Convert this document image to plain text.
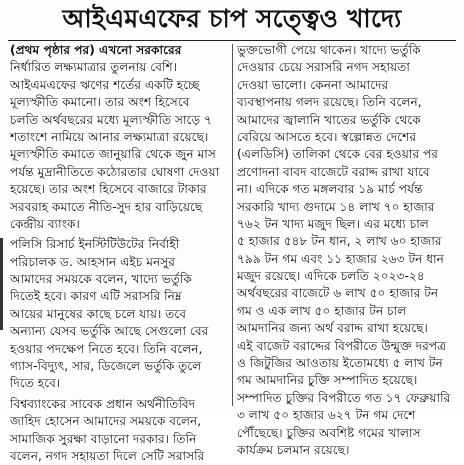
আইএমএফের চাপ সত্ত্বেও খাদ্যে

(প্রথম পৃষ্ঠার পর) এখনো সরকারের
নির্ধারিত লক্ষ্যমাত্রার তুলনায় বেশি।
আইএমএফের ঋণের শর্তের একটি হচ্ছে
মূল্যস্ফীতি কমানো। তার অংশ হিসেবে
চলতি অর্থবছরের মধ্যে মূল্যস্ফীতি সাড়ে ৭
শতাংশে নামিয়ে আনার লক্ষ্যমাত্রা রয়েছে।
মূল্যস্ফীতি কমাতে জানুয়ারি থেকে জুন মাস
পর্যন্ত মুদ্রানীতিতে কঠোরতার ঘোষণা দেওয়া
হয়েছে। তার অংশ হিসেবে বাজারে টাকার
সরবরাহ কমাতে নীতি-সুদ হার বাড়িয়েছে
কেন্দ্রীয় ব্যাংক।

পলিসি রিসার্চ ইনস্টিটিউটের নির্বাহী
পরিচালক ড. আহসান এইচ মনসুর
আমাদের সময়কে বলেন, খাদ্যে ভর্তুকি
দিতেই হবে। কারণ এটি সরাসরি নিম্ন
আয়ের মানুষের কাছে চলে যায়। তবে
অন্যান্য যেসব ভর্তুকি আছে সেগুলো বের
হওয়ার পদক্ষেপ নিতে হবে। তিনি বলেন,
গ্যাস-বিদ্যুৎ, সার, ডিজেলে ভর্তুকি তুলে
দিতে হবে।

বিশ্বব্যাংকের সাবেক প্রধান অর্থনীতিবিদ
জাহিদ হোসেন আমাদের সময়কে বলেন,
সামাজিক সুরক্ষা বাড়ানো দরকার। তিনি
বলেন, নগদ সহায়তা দিলে সেটি সরাসরি

ভুক্তভোগী পেয়ে থাকেন। খাদ্যে ভর্তুকি
দেওয়ার চেয়ে সরাসরি নগদ সহায়তা
দেওয়া ভালো। কেননা আমাদের
ব্যবস্থাপনায় গলদ রয়েছে। তিনি বলেন,
আমাদের জ্বালানি খাতের ভর্তুকি থেকে
বেরিয়ে আসতে হবে। স্বল্পোন্নত দেশের
(এলডিসি) তালিকা থেকে বের হওয়ার পর
প্রণোদনা বাবদ বাজেটে বরাদ্দ রাখা যাবে
না। এদিকে গত মঙ্গলবার ১৯ মার্চ পর্যন্ত
সরকারি খাদ্য গুদামে ১৪ লাখ ৭০ হাজার
৭৬২ টন খাদ্য মজুদ ছিল। এর মধ্যে চাল
৫ হাজার ৫৪৮ টন ধান, ২ লাখ ৬০ হাজার
৭৯৯ টন গম এবং ১১ হাজার ২৬৩ টন ধান
মজুদ রয়েছে। এদিকে চলতি ২০২৩-২৪
অর্থবছরের বাজেটে ৬ লাখ ৫০ হাজার টন
গম ও এক লাখ ৫০ হাজার টন চাল
আমদানির জন্য অর্থ বরাদ্দ রাখা হয়েছে।
এই বাজেট বরাদ্দের বিপরীতে উন্মুক্ত দরপত্র
ও জিটুজির আওতায় ইতোমধ্যে ৫ লাখ টন
গম আমদানির চুক্তি সম্পাদিত হয়েছে।
সম্পাদিত চুক্তির বিপরীতে গত ১৭ ফেব্রুয়ারি
৩ লাখ ৫০ হাজার ৬২৭ টন গম দেশে
পৌঁছেছে। চুক্তির অবশিষ্ট গমের খালাস
কার্যক্রম চলমান রয়েছে।
